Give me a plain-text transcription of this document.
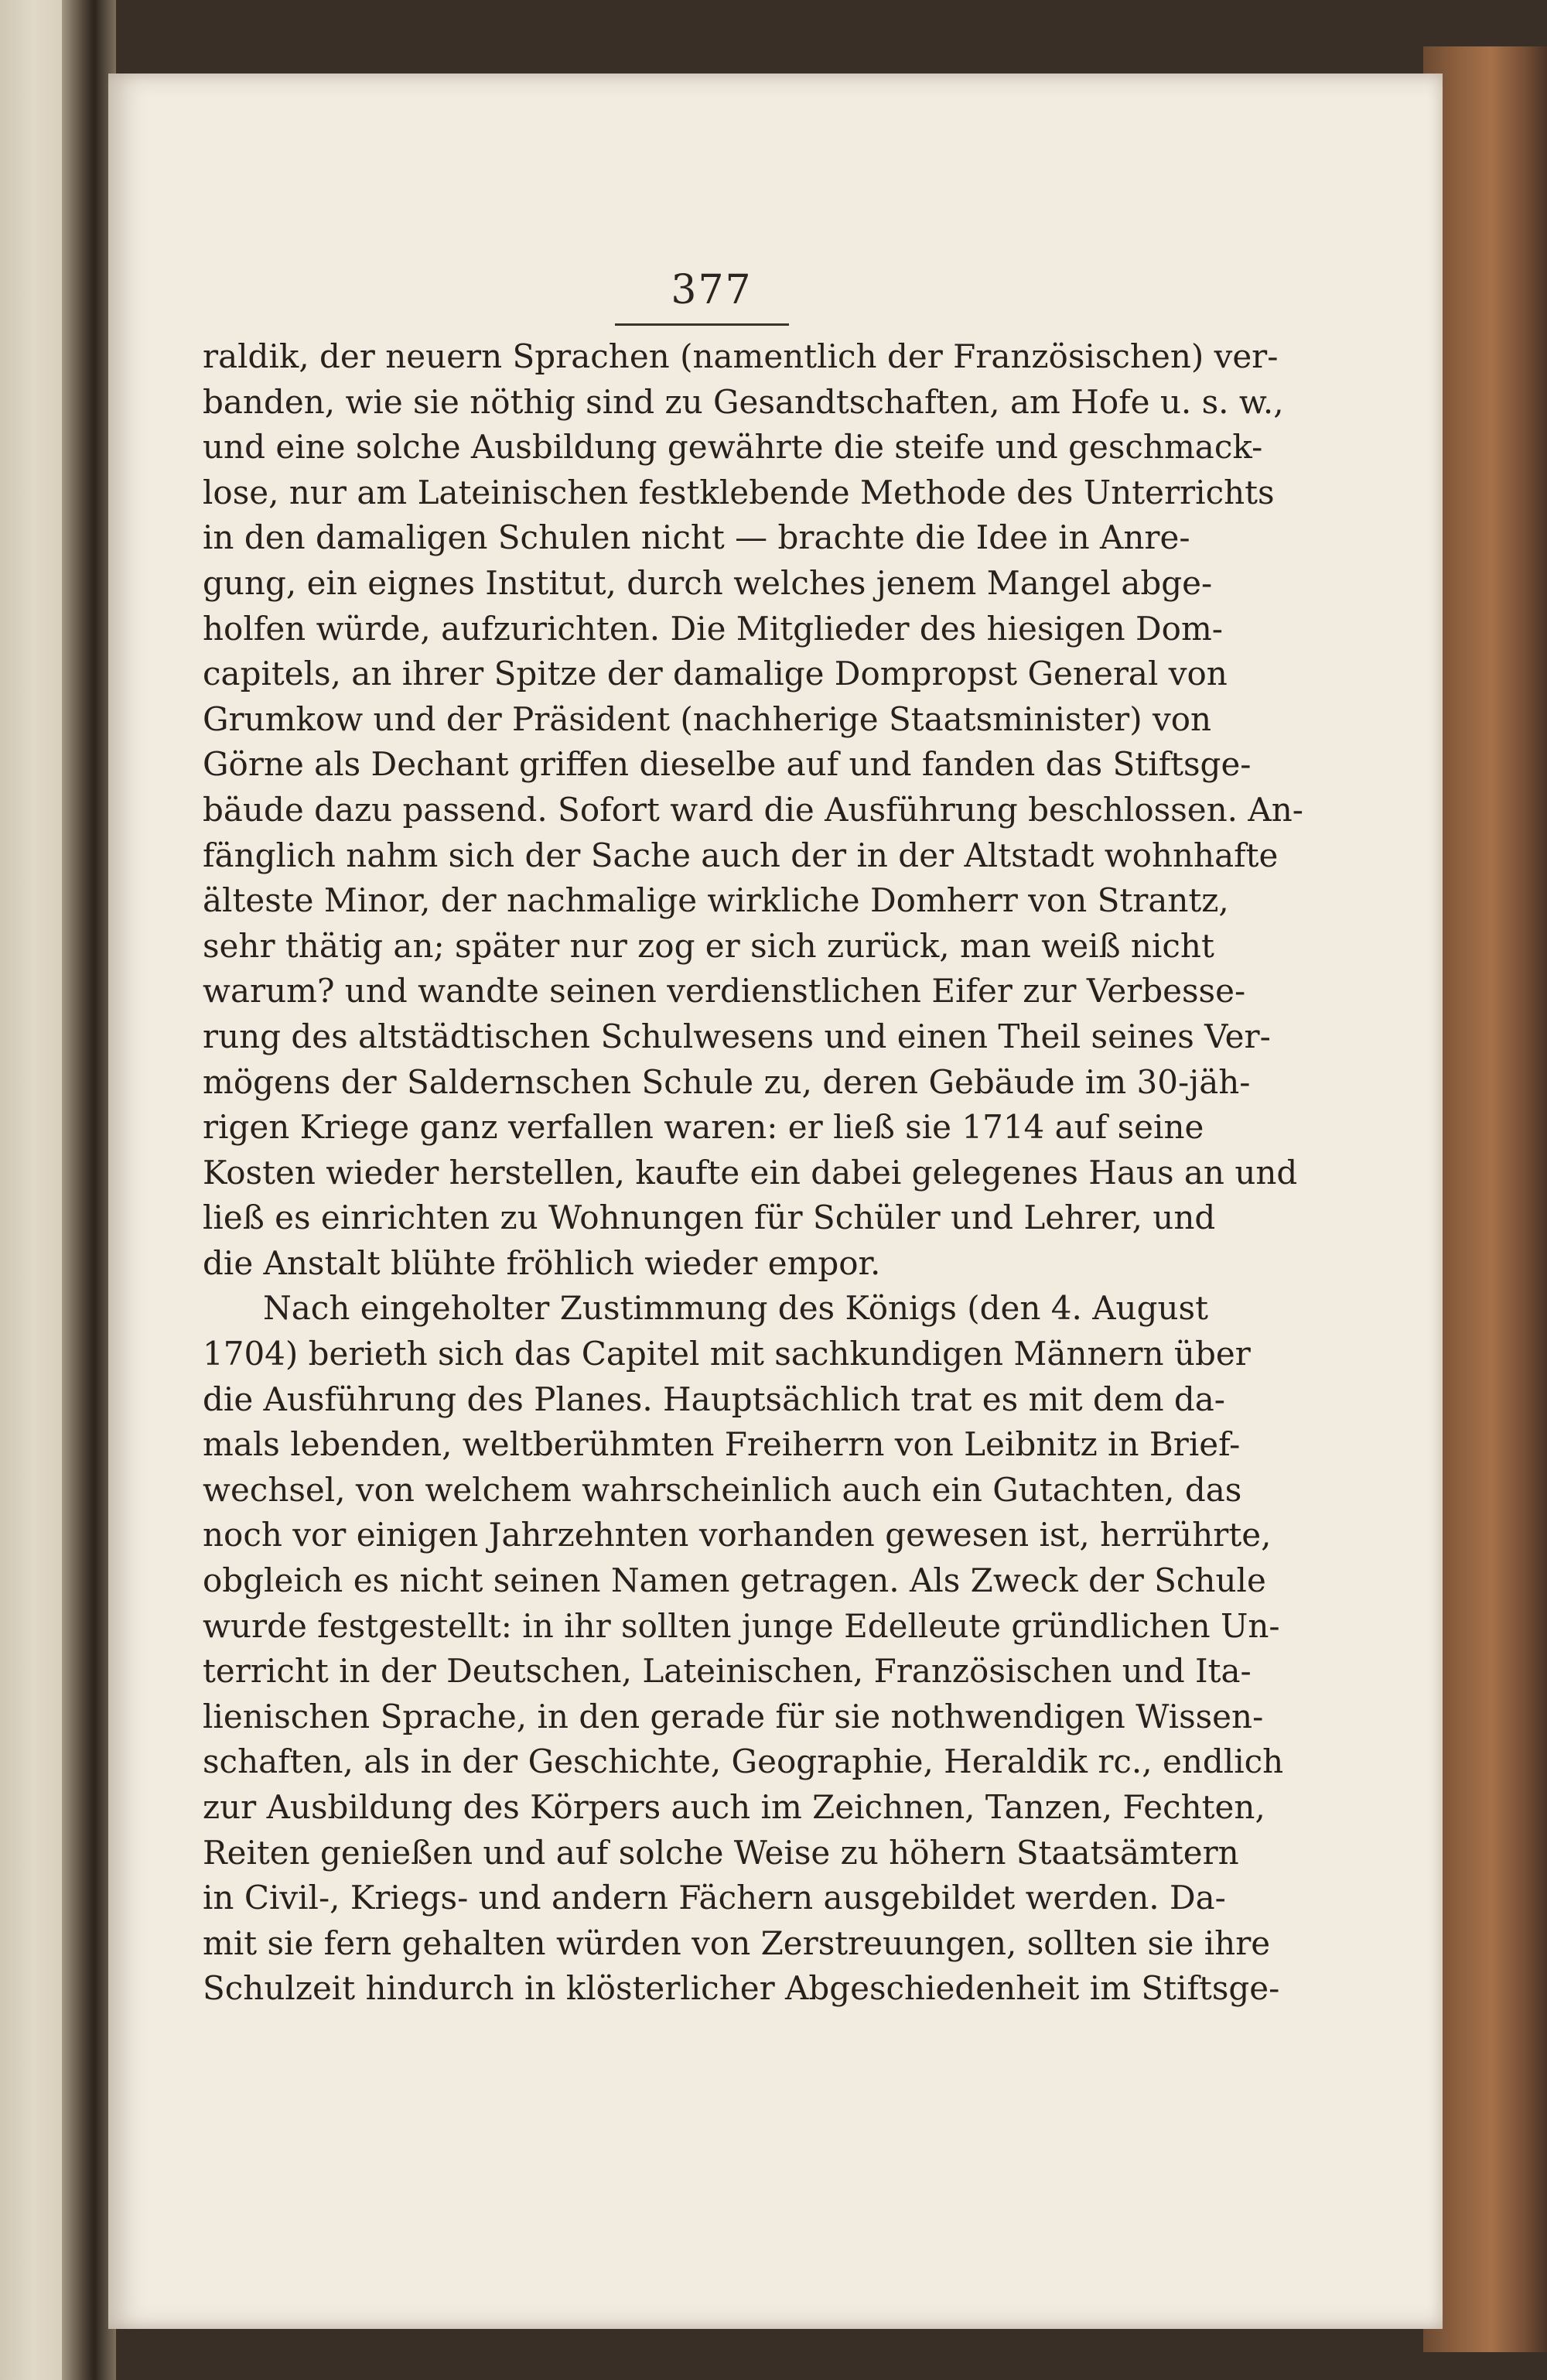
377
raldik, der neuern Sprachen (namentlich der Französischen) ver-
banden, wie sie nöthig sind zu Gesandtschaften, am Hofe u. s. w.,
und eine solche Ausbildung gewährte die steife und geschmack-
lose, nur am Lateinischen festklebende Methode des Unterrichts
in den damaligen Schulen nicht — brachte die Idee in Anre-
gung, ein eignes Institut, durch welches jenem Mangel abge-
holfen würde, aufzurichten. Die Mitglieder des hiesigen Dom-
capitels, an ihrer Spitze der damalige Dompropst General von
Grumkow und der Präsident (nachherige Staatsminister) von
Görne als Dechant griffen dieselbe auf und fanden das Stiftsge-
bäude dazu passend. Sofort ward die Ausführung beschlossen. An-
fänglich nahm sich der Sache auch der in der Altstadt wohnhafte
älteste Minor, der nachmalige wirkliche Domherr von Strantz,
sehr thätig an; später nur zog er sich zurück, man weiß nicht
warum? und wandte seinen verdienstlichen Eifer zur Verbesse-
rung des altstädtischen Schulwesens und einen Theil seines Ver-
mögens der Saldernschen Schule zu, deren Gebäude im 30-jäh-
rigen Kriege ganz verfallen waren: er ließ sie 1714 auf seine
Kosten wieder herstellen, kaufte ein dabei gelegenes Haus an und
ließ es einrichten zu Wohnungen für Schüler und Lehrer, und
die Anstalt blühte fröhlich wieder empor.
Nach eingeholter Zustimmung des Königs (den 4. August
1704) berieth sich das Capitel mit sachkundigen Männern über
die Ausführung des Planes. Hauptsächlich trat es mit dem da-
mals lebenden, weltberühmten Freiherrn von Leibnitz in Brief-
wechsel, von welchem wahrscheinlich auch ein Gutachten, das
noch vor einigen Jahrzehnten vorhanden gewesen ist, herrührte,
obgleich es nicht seinen Namen getragen. Als Zweck der Schule
wurde festgestellt: in ihr sollten junge Edelleute gründlichen Un-
terricht in der Deutschen, Lateinischen, Französischen und Ita-
lienischen Sprache, in den gerade für sie nothwendigen Wissen-
schaften, als in der Geschichte, Geographie, Heraldik rc., endlich
zur Ausbildung des Körpers auch im Zeichnen, Tanzen, Fechten,
Reiten genießen und auf solche Weise zu höhern Staatsämtern
in Civil-, Kriegs- und andern Fächern ausgebildet werden. Da-
mit sie fern gehalten würden von Zerstreuungen, sollten sie ihre
Schulzeit hindurch in klösterlicher Abgeschiedenheit im Stiftsge-
